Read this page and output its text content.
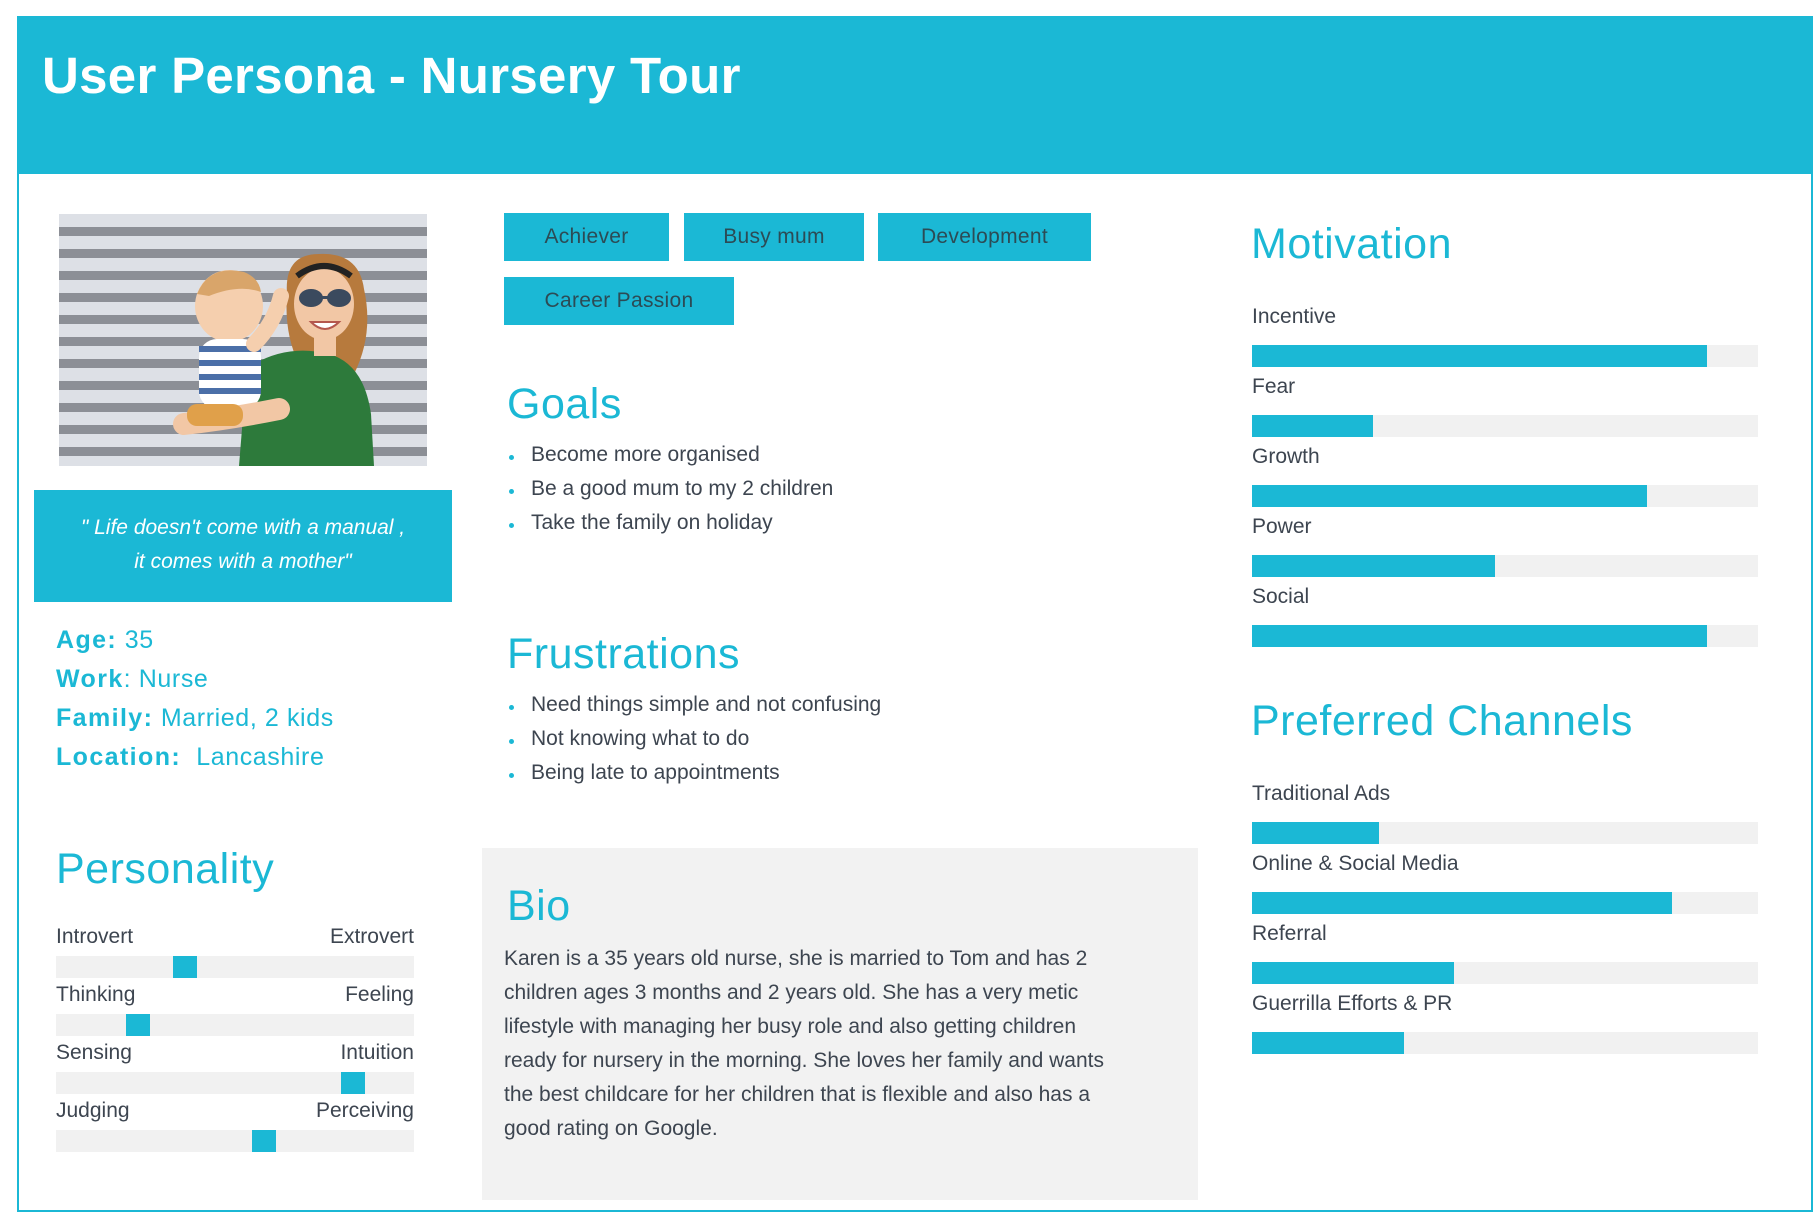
User Persona - Nursery Tour
" Life doesn't come with a manual ,
it comes with a mother"
Age: 35
Work: Nurse
Family: Married, 2 kids
Location: Lancashire
Personality
Introvert	Extrovert
Thinking	Feeling
Sensing	Intuition
Judging	Perceiving
Achiever	Busy mum	Development
Career Passion
Goals
Become more organised
Be a good mum to my 2 children
Take the family on holiday
Frustrations
Need things simple and not confusing
Not knowing what to do
Being late to appointments
Bio
Karen is a 35 years old nurse, she is married to Tom and has 2
children ages 3 months and 2 years old. She has a very metic
lifestyle with managing her busy role and also getting children
ready for nursery in the morning. She loves her family and wants
the best childcare for her children that is flexible and also has a
good rating on Google.
Motivation
Incentive
Fear
Growth
Power
Social
Preferred Channels
Traditional Ads
Online & Social Media
Referral
Guerrilla Efforts & PR
